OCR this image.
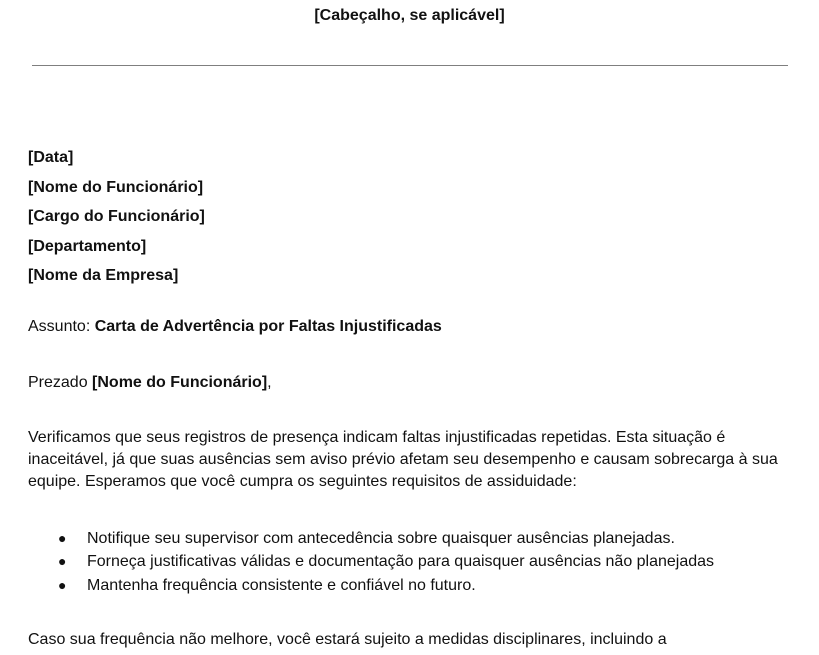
[Cabeçalho, se aplicável]
[Data]
[Nome do Funcionário]
[Cargo do Funcionário]
[Departamento]
[Nome da Empresa]
Assunto: Carta de Advertência por Faltas Injustificadas
Prezado [Nome do Funcionário],
Verificamos que seus registros de presença indicam faltas injustificadas repetidas. Esta situação é inaceitável, já que suas ausências sem aviso prévio afetam seu desempenho e causam sobrecarga à sua equipe. Esperamos que você cumpra os seguintes requisitos de assiduidade:
● Notifique seu supervisor com antecedência sobre quaisquer ausências planejadas.
● Forneça justificativas válidas e documentação para quaisquer ausências não planejadas
● Mantenha frequência consistente e confiável no futuro.
Caso sua frequência não melhore, você estará sujeito a medidas disciplinares, incluindo a
